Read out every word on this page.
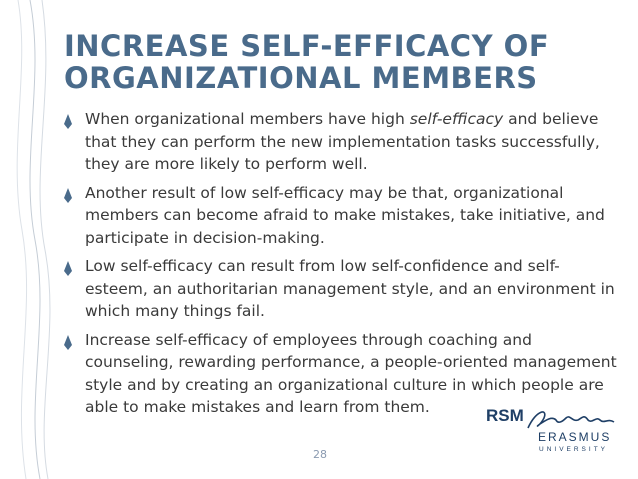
INCREASE SELF-EFFICACY OF ORGANIZATIONAL MEMBERS
When organizational members have high self-efficacy and believe that they can perform the new implementation tasks successfully, they are more likely to perform well.
Another result of low self-efficacy may be that, organizational members can become afraid to make mistakes, take initiative, and participate in decision-making.
Low self-efficacy can result from low self-confidence and self-esteem, an authoritarian management style, and an environment in which many things fail.
Increase self-efficacy of employees through coaching and counseling, rewarding performance, a people-oriented management style and by creating an organizational culture in which people are able to make mistakes and learn from them.
28
RSM
ERASMUS
UNIVERSITY
